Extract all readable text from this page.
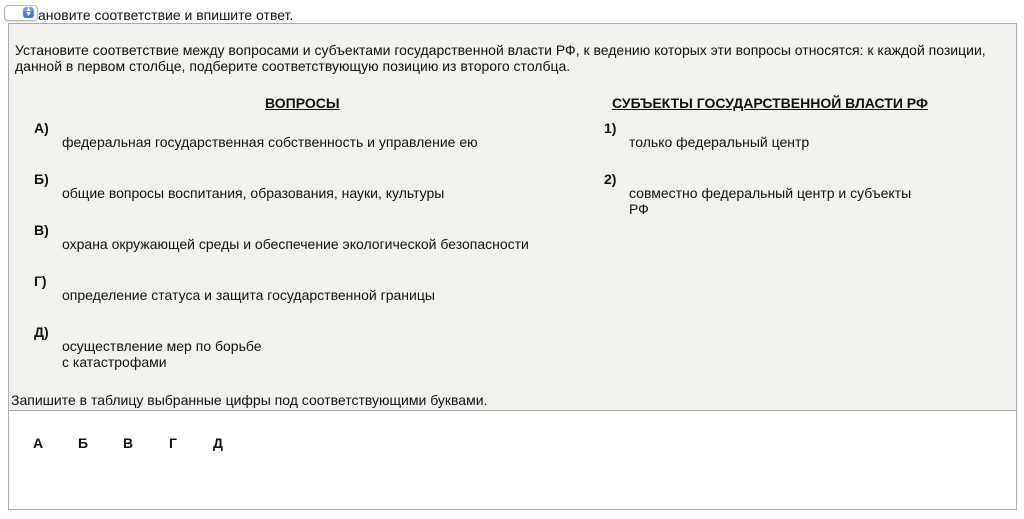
▲
▼ ановите соответствие и впишите ответ.
Установите соответствие между вопросами и субъектами государственной власти РФ, к ведению которых эти вопросы относятся: к каждой позиции, данной в первом столбце, подберите соответствующую позицию из второго столбца.
ВОПРОСЫ	СУБЪЕКТЫ ГОСУДАРСТВЕННОЙ ВЛАСТИ РФ
А)
федеральная государственная собственность и управление ею
Б)
общие вопросы воспитания, образования, науки, культуры
В)
охрана окружающей среды и обеспечение экологической безопасности
Г)
определение статуса и защита государственной границы
Д)
осуществление мер по борьбе
с катастрофами
1)
только федеральный центр
2)
совместно федеральный центр и субъекты
РФ
Запишите в таблицу выбранные цифры под соответствующими буквами.
А Б В	Г	Д
